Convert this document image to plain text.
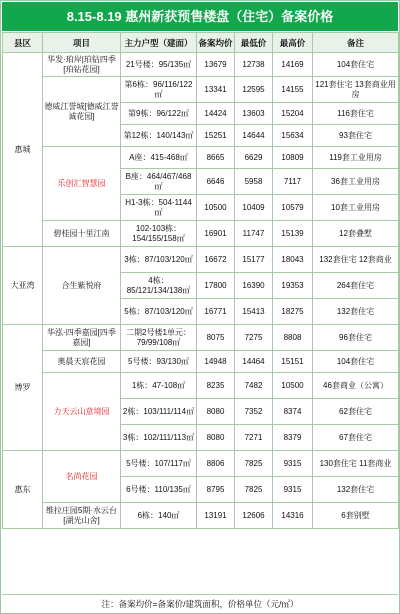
8.15-8.19 惠州新获预售楼盘（住宅）备案价格
县区	项目	主力户型（建面）	备案均价	最低价	最高价	备注
惠城	华发·珀岸|珀钻四季[珀钻花园]	21号楼：95/135㎡	13679	12738	14169	104套住宅
	德威江誉城[德威江誉诚花园]	第6栋：96/116/122㎡	13341	12595	14155	121套住宅 13套商业用房
		第9栋：96/122㎡	14424	13603	15204	116套住宅
		第12栋：140/143㎡	15251	14644	15634	93套住宅
	乐创汇智慧园	A座：415-468㎡	8665	6629	10809	119套工业用房
		B座：464/467/468㎡	6646	5958	7117	36套工业用房
		H1-3栋：504-1144㎡	10500	10409	10579	10套工业用房
	碧桂园十里江南	102-103栋：154/155/158㎡	16901	11747	15139	12套叠墅
大亚湾	合生紫悦府	3栋：87/103/120㎡	16672	15177	18043	132套住宅 12套商业
		4栋：85/121/134/138㎡	17800	16390	19353	264套住宅
		5栋：87/103/120㎡	16771	15413	18275	132套住宅
博罗	华泓·四季嘉园[四季嘉园]	二期2号楼1单元：79/99/108㎡	8075	7275	8808	96套住宅
	奥晨天宸花园	5号楼：93/130㎡	14948	14464	15151	104套住宅
	力天云山意境园	1栋：47-108㎡	8235	7482	10500	46套商业（公寓）
		2栋：103/111/114㎡	8080	7352	8374	62套住宅
		3栋：102/111/113㎡	8080	7271	8379	67套住宅
惠东	名尚花园	5号楼：107/117㎡	8806	7825	9315	130套住宅 11套商业
		6号楼：110/135㎡	8795	7825	9315	132套住宅
	维拉庄园5期·水云台[湖光山舍]	6栋：140㎡	13191	12606	14316	6套别墅
注：备案均价=备案价/建筑面积，价格单位（元/㎡）
